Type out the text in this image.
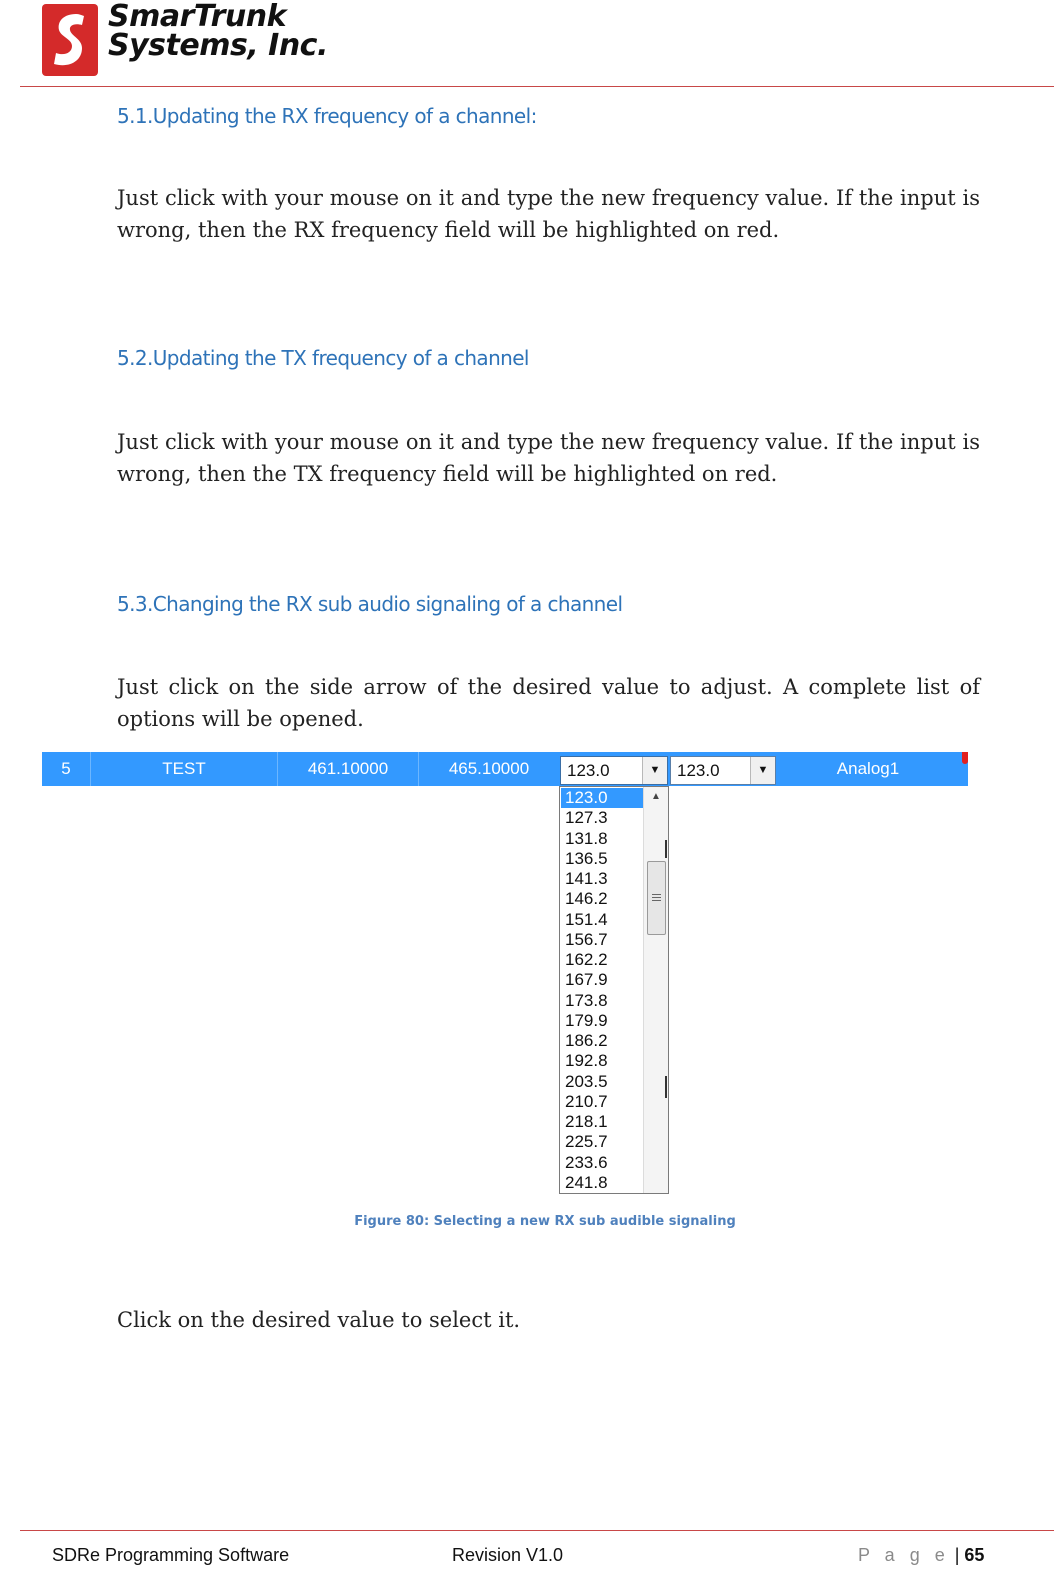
SmarTrunk
Systems, Inc.
5.1.Updating the RX frequency of a channel:
Just click with your mouse on it and type the new frequency value. If the input is wrong, then the RX frequency field will be highlighted on red.
5.2.Updating the TX frequency of a channel
Just click with your mouse on it and type the new frequency value. If the input is wrong, then the TX frequency field will be highlighted on red.
5.3.Changing the RX sub audio signaling of a channel
Just click on the side arrow of the desired value to adjust. A complete list of options will be opened.
5	TEST	461.10000	465.10000	123.0	▼ 123.0	▼	Analog1
123.0
127.3
131.8
136.5
141.3
146.2
151.4
156.7
162.2
167.9
173.8
179.9
186.2
192.8
203.5
210.7
218.1
225.7
233.6
241.8
▲
Figure 80: Selecting a new RX sub audible signaling
Click on the desired value to select it.
SDRe Programming Software	Revision V1.0	P a g e | 65
